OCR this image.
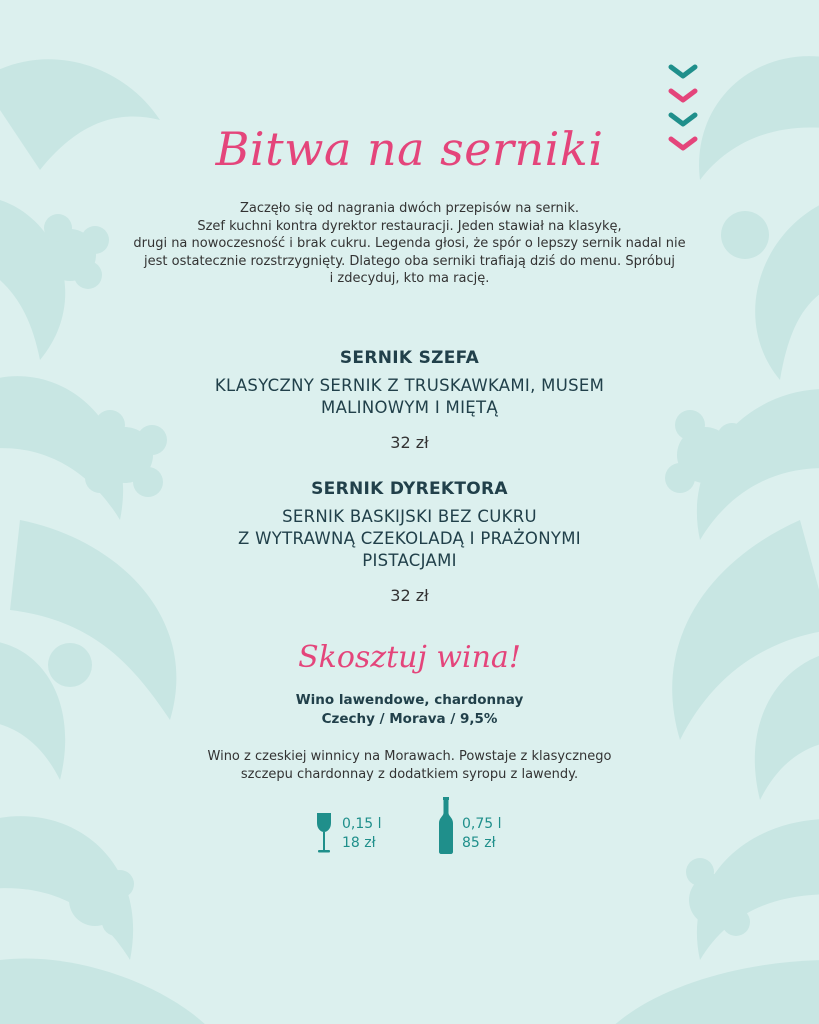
Bitwa na serniki
Zaczęło się od nagrania dwóch przepisów na sernik.
Szef kuchni kontra dyrektor restauracji. Jeden stawiał na klasykę,
drugi na nowoczesność i brak cukru. Legenda głosi, że spór o lepszy sernik nadal nie
jest ostatecznie rozstrzygnięty. Dlatego oba serniki trafiają dziś do menu. Spróbuj
i zdecyduj, kto ma rację.
SERNIK SZEFA
KLASYCZNY SERNIK Z TRUSKAWKAMI, MUSEM
MALINOWYM I MIĘTĄ
32 zł
SERNIK DYREKTORA
SERNIK BASKIJSKI BEZ CUKRU
Z WYTRAWNĄ CZEKOLADĄ I PRAŻONYMI
PISTACJAMI
32 zł
Skosztuj wina!
Wino lawendowe, chardonnay
Czechy / Morava / 9,5%
Wino z czeskiej winnicy na Morawach. Powstaje z klasycznego
szczepu chardonnay z dodatkiem syropu z lawendy.
0,15 l
18 zł
0,75 l
85 zł
